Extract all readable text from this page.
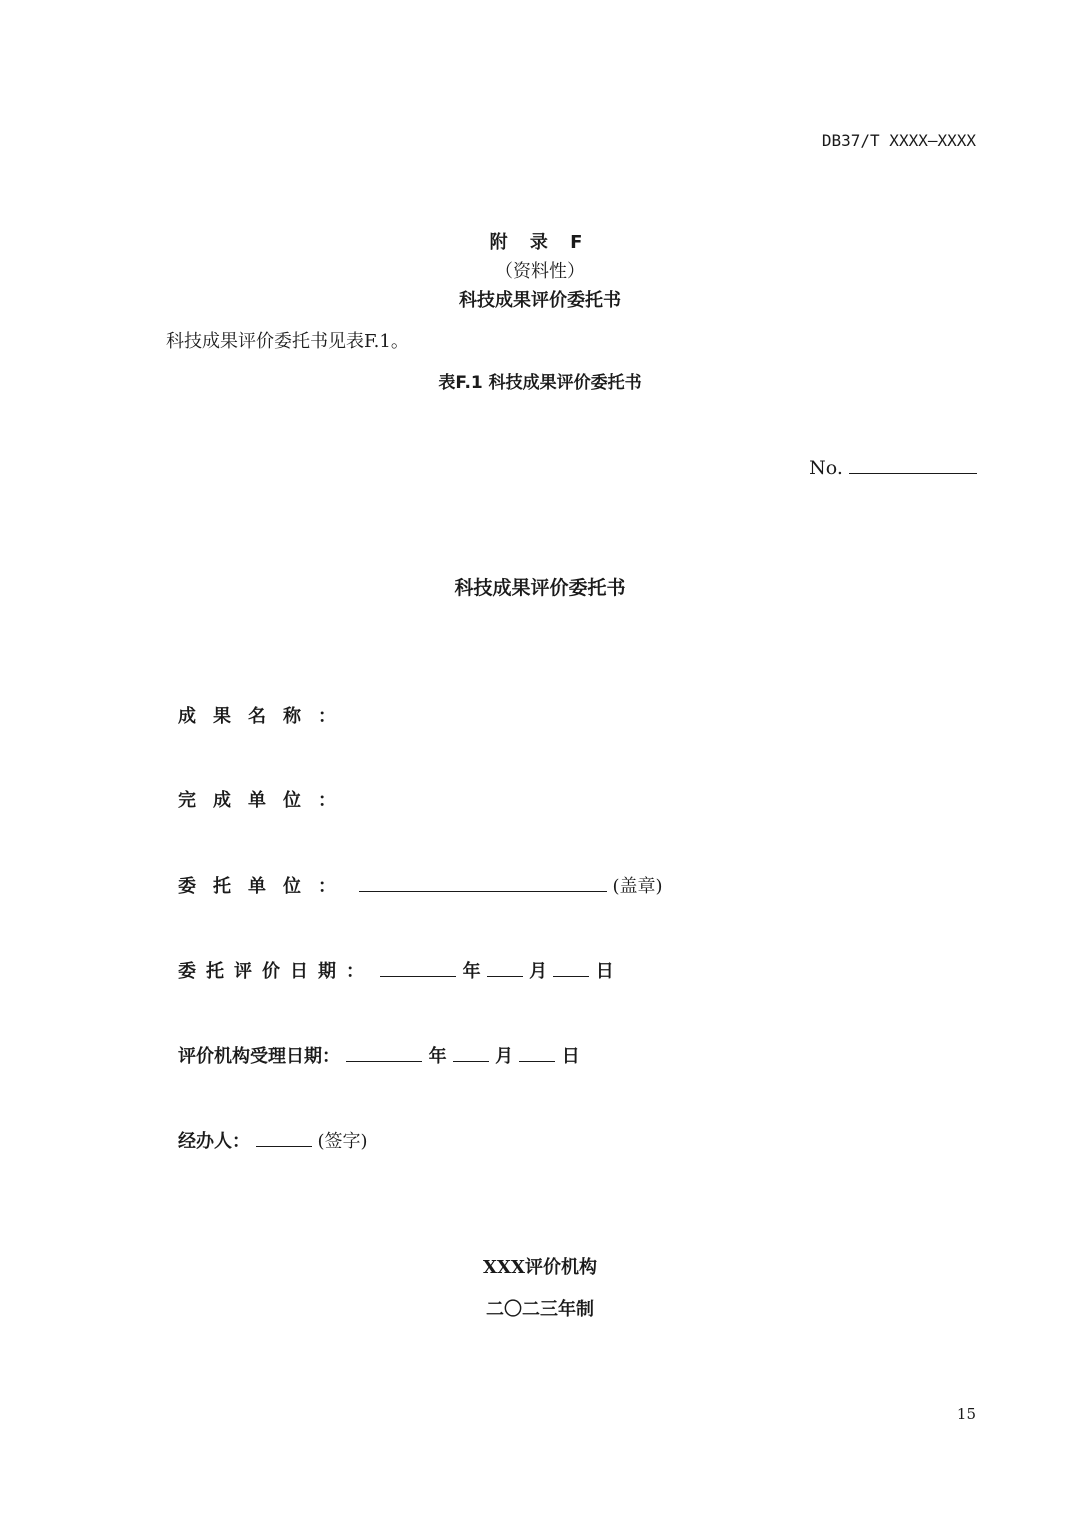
DB37/T XXXX—XXXX
附 录 F
（资料性）
科技成果评价委托书
科技成果评价委托书见表F.1。
表F.1 科技成果评价委托书
No.
科技成果评价委托书
成果名称：
完成单位：
委托单位：	(盖章)
委托评价日期：	年	月	日
评价机构受理日期：	年	月	日
经办人：	(签字)
XXX评价机构
二〇二三年制
15
